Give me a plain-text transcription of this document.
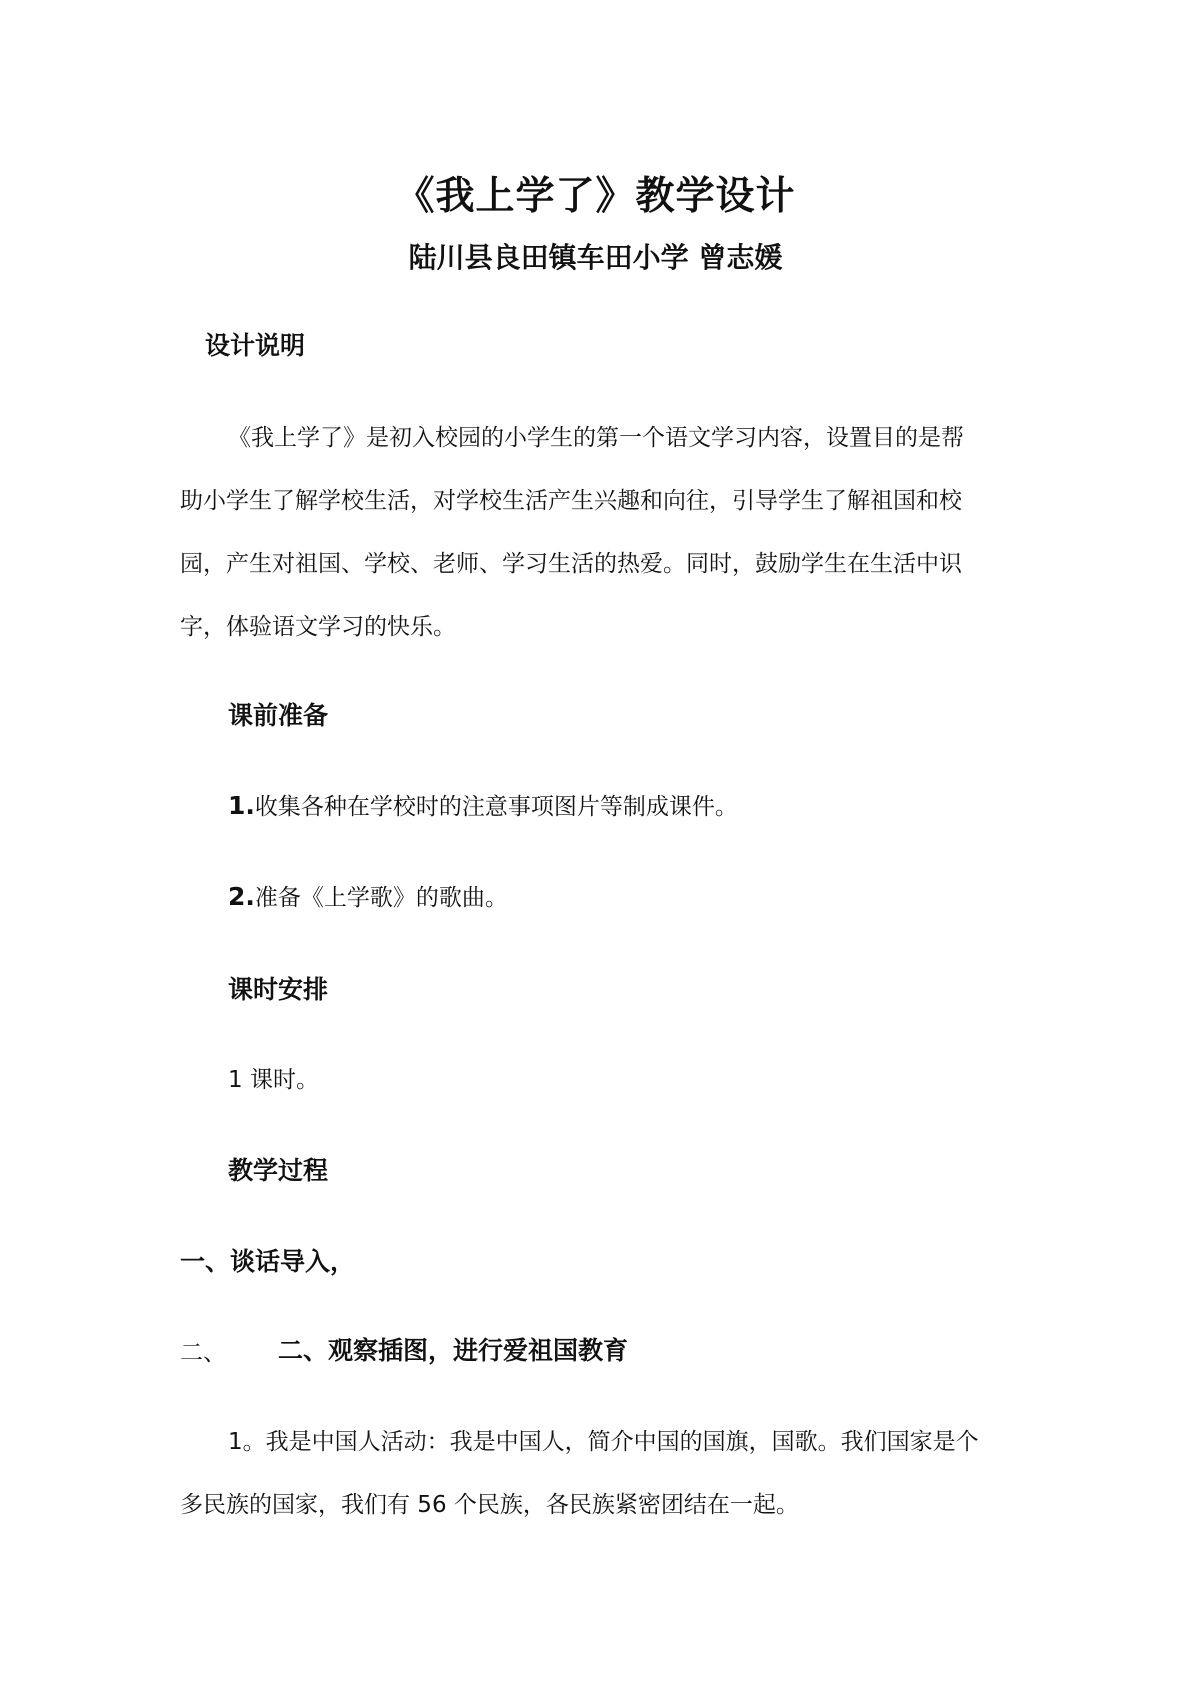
《我上学了》教学设计
陆川县良田镇车田小学 曾志媛
设计说明
《我上学了》是初入校园的小学生的第一个语文学习内容，设置目的是帮
助小学生了解学校生活，对学校生活产生兴趣和向往，引导学生了解祖国和校
园，产生对祖国、学校、老师、学习生活的热爱。同时，鼓励学生在生活中识
字，体验语文学习的快乐。
课前准备
1.收集各种在学校时的注意事项图片等制成课件。
2.准备《上学歌》的歌曲。
课时安排
1 课时。
教学过程
一、谈话导入，
二、 二、观察插图，进行爱祖国教育
1。我是中国人活动：我是中国人，简介中国的国旗，国歌。我们国家是个
多民族的国家，我们有 56 个民族，各民族紧密团结在一起。
